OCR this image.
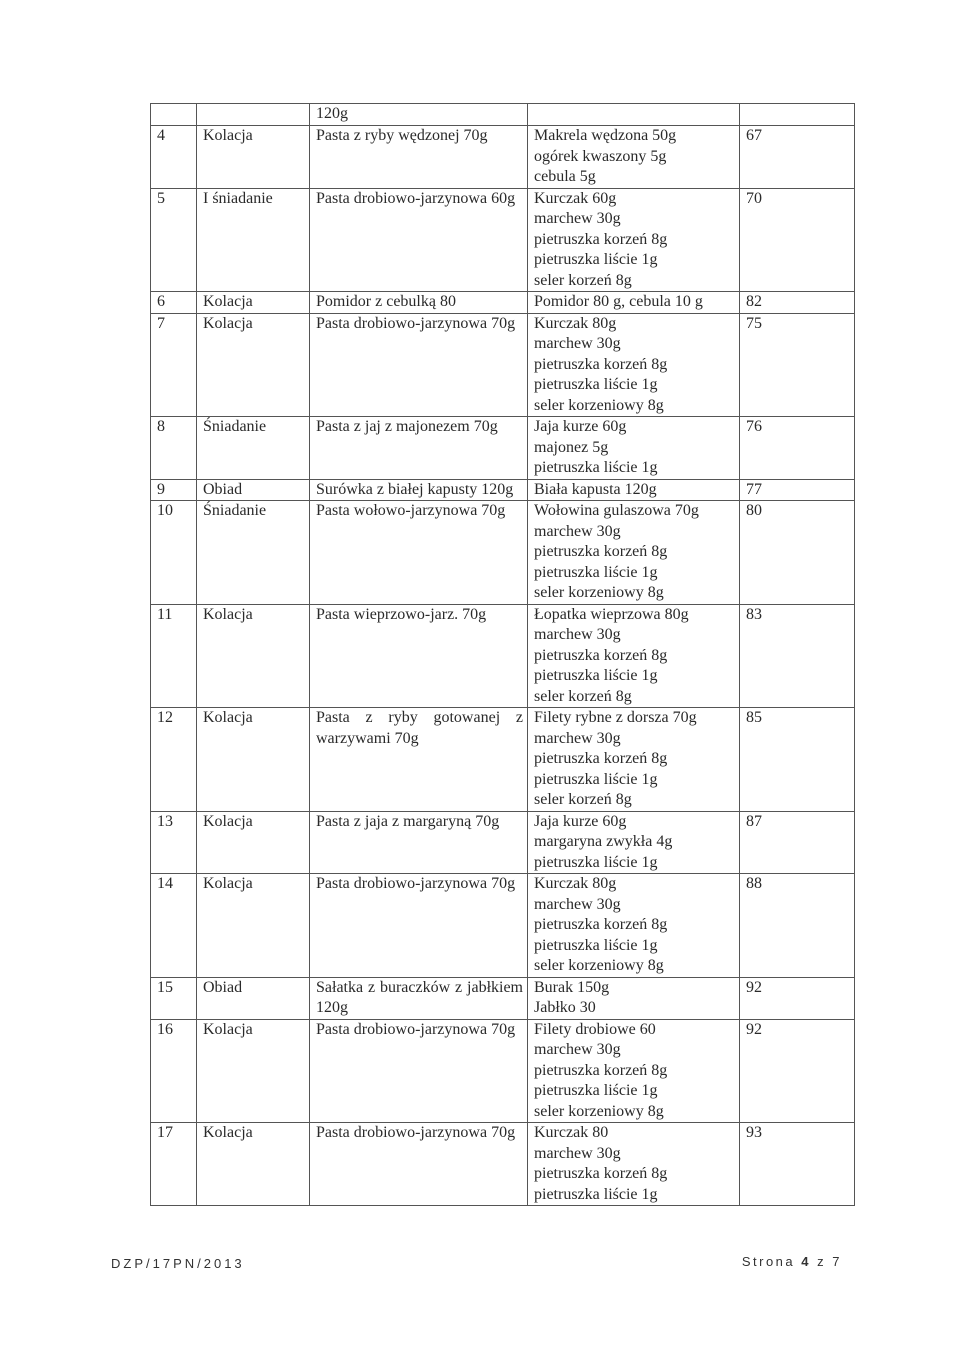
		120g		
4	Kolacja	Pasta z ryby wędzonej 70g	Makrela wędzona 50g
ogórek kwaszony 5g
cebula 5g	67
5	I śniadanie	Pasta drobiowo-jarzynowa 60g	Kurczak 60g
marchew 30g
pietruszka korzeń 8g
pietruszka liście 1g
seler korzeń 8g	70
6	Kolacja	Pomidor z cebulką 80	Pomidor 80 g, cebula 10 g	82
7	Kolacja	Pasta drobiowo-jarzynowa 70g	Kurczak 80g
marchew 30g
pietruszka korzeń 8g
pietruszka liście 1g
seler korzeniowy 8g	75
8	Śniadanie	Pasta z jaj z majonezem 70g	Jaja kurze 60g
majonez 5g
pietruszka liście 1g	76
9	Obiad	Surówka z białej kapusty 120g	Biała kapusta 120g	77
10	Śniadanie	Pasta wołowo-jarzynowa 70g	Wołowina gulaszowa 70g
marchew 30g
pietruszka korzeń 8g
pietruszka liście 1g
seler korzeniowy 8g	80
11	Kolacja	Pasta wieprzowo-jarz. 70g	Łopatka wieprzowa 80g
marchew 30g
pietruszka korzeń 8g
pietruszka liście 1g
seler korzeń 8g	83
12	Kolacja	Pasta z ryby gotowanej z warzywami 70g	Filety rybne z dorsza 70g
marchew 30g
pietruszka korzeń 8g
pietruszka liście 1g
seler korzeń 8g	85
13	Kolacja	Pasta z jaja z margaryną 70g	Jaja kurze 60g
margaryna zwykła 4g
pietruszka liście 1g	87
14	Kolacja	Pasta drobiowo-jarzynowa 70g	Kurczak 80g
marchew 30g
pietruszka korzeń 8g
pietruszka liście 1g
seler korzeniowy 8g	88
15	Obiad	Sałatka z buraczków z jabłkiem 120g	Burak 150g
Jabłko 30	92
16	Kolacja	Pasta drobiowo-jarzynowa 70g	Filety drobiowe 60
marchew 30g
pietruszka korzeń 8g
pietruszka liście 1g
seler korzeniowy 8g	92
17	Kolacja	Pasta drobiowo-jarzynowa 70g	Kurczak 80
marchew 30g
pietruszka korzeń 8g
pietruszka liście 1g	93
DZP/17PN/2013	Strona 4 z 7
